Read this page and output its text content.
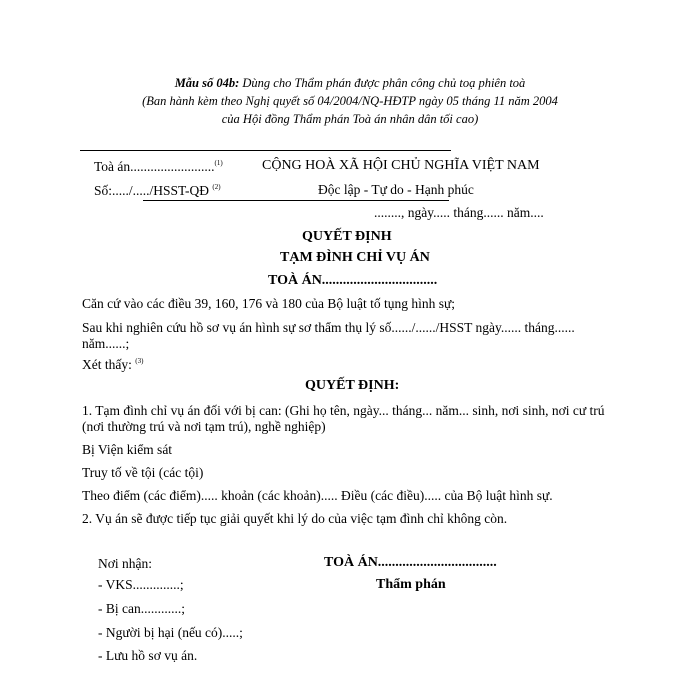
Mẫu số 04b: Dùng cho Thẩm phán được phân công chủ toạ phiên toà
(Ban hành kèm theo Nghị quyết số 04/2004/NQ-HĐTP ngày 05 tháng 11 năm 2004
của Hội đồng Thẩm phán Toà án nhân dân tối cao)
Toà án.........................$^{(1)}$
Số:...../...../HSST-QĐ $^{(2)}$
CỘNG HOÀ XÃ HỘI CHỦ NGHĨA VIỆT NAM
Độc lập - Tự do - Hạnh phúc
........, ngày..... tháng...... năm....
QUYẾT ĐỊNH
TẠM ĐÌNH CHỈ VỤ ÁN
TOÀ ÁN.................................
Căn cứ vào các điều 39, 160, 176 và 180 của Bộ luật tố tụng hình sự;
Sau khi nghiên cứu hồ sơ vụ án hình sự sơ thẩm thụ lý số....../....../HSST ngày...... tháng......
năm......;
Xét thấy: $^{(3)}$
QUYẾT ĐỊNH:
1. Tạm đình chỉ vụ án đối với bị can: (Ghi họ tên, ngày... tháng... năm... sinh, nơi sinh, nơi cư trú
(nơi thường trú và nơi tạm trú), nghề nghiệp)
Bị Viện kiểm sát
Truy tố về tội (các tội)
Theo điểm (các điểm)..... khoản (các khoản)..... Điều (các điều)..... của Bộ luật hình sự.
2. Vụ án sẽ được tiếp tục giải quyết khi lý do của việc tạm đình chỉ không còn.
Nơi nhận:
- VKS..............;
- Bị can............;
- Người bị hại (nếu có).....;
- Lưu hồ sơ vụ án.
TOÀ ÁN..................................
Thẩm phán
